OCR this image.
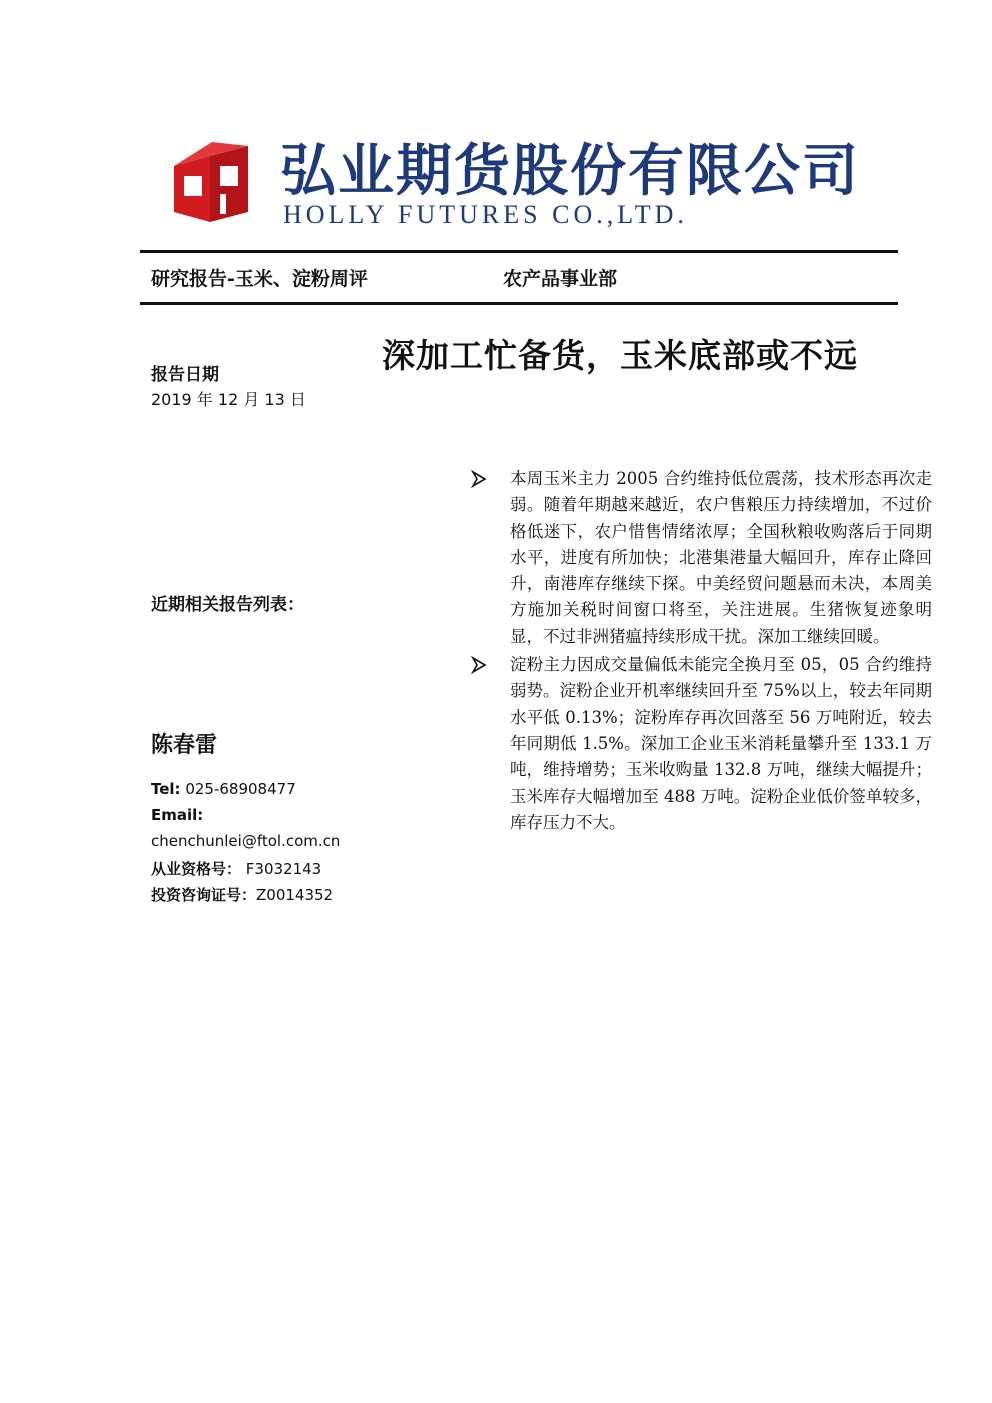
弘业期货股份有限公司
HOLLY FUTURES CO.,LTD.
研究报告-玉米、淀粉周评	农产品事业部
深加工忙备货，玉米底部或不远
报告日期
2019 年 12 月 13 日
近期相关报告列表：
陈春雷
Tel: 025-68908477
Email:
chenchunlei@ftol.com.cn
从业资格号： F3032143
投资咨询证号：Z0014352

本周玉米主力 2005 合约维持低位震荡，技术形态再次走弱。随着年期越来越近，农户售粮压力持续增加，不过价格低迷下，农户惜售情绪浓厚；全国秋粮收购落后于同期水平，进度有所加快；北港集港量大幅回升，库存止降回升，南港库存继续下探。中美经贸问题悬而未决，本周美方施加关税时间窗口将至，关注进展。生猪恢复迹象明显，不过非洲猪瘟持续形成干扰。深加工继续回暖。

淀粉主力因成交量偏低未能完全换月至 05，05 合约维持弱势。淀粉企业开机率继续回升至 75%以上，较去年同期水平低 0.13%；淀粉库存再次回落至 56 万吨附近，较去年同期低 1.5%。深加工企业玉米消耗量攀升至 133.1 万吨，维持增势；玉米收购量 132.8 万吨，继续大幅提升；玉米库存大幅增加至 488 万吨。淀粉企业低价签单较多，库存压力不大。
